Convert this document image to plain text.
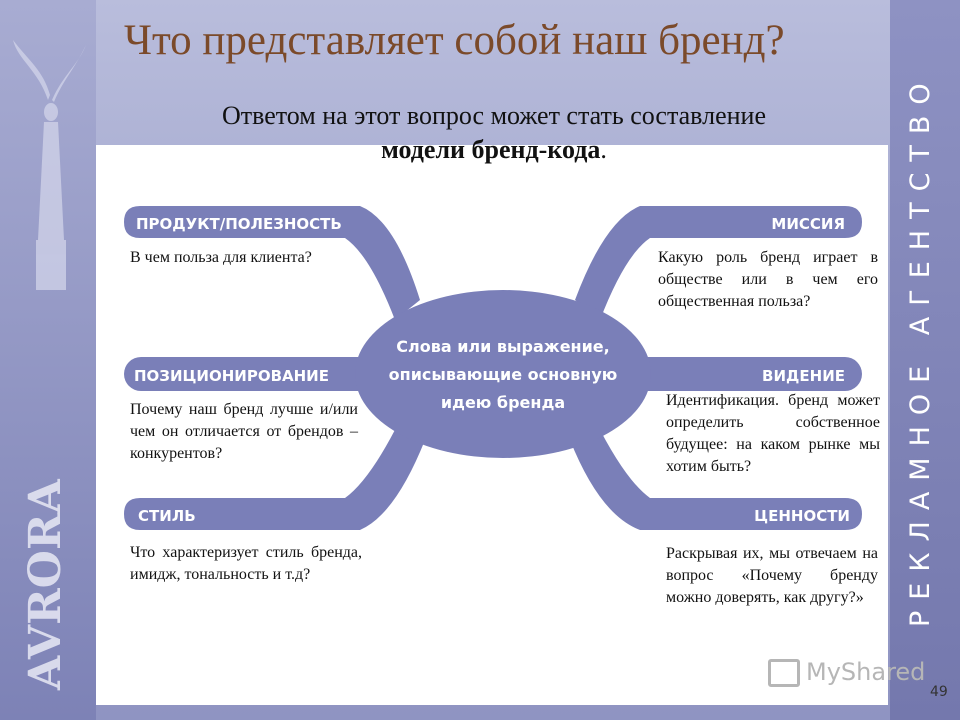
AVRORA	РЕКЛАМНОЕ АГЕНТСТВО
Что представляет собой наш бренд?
Ответом на этот вопрос может стать составление
модели бренд-кода.
ПРОДУКТ/ПОЛЕЗНОСТЬ
ПОЗИЦИОНИРОВАНИЕ
СТИЛЬ
МИССИЯ
ВИДЕНИЕ
ЦЕННОСТИ
Слова или выражение,
описывающие основную
идею бренда
В чем польза для клиента?
Почему наш бренд лучше и/или чем он отличается от брендов – конкурентов?
Что характеризует стиль бренда, имидж, тональность и т.д?
Какую роль бренд играет в обществе или в чем его общественная польза?
Идентификация. бренд может определить собственное будущее: на каком рынке мы хотим быть?
Раскрывая их, мы отвечаем на вопрос «Почему бренду можно доверять, как другу?»
MyShared
49
